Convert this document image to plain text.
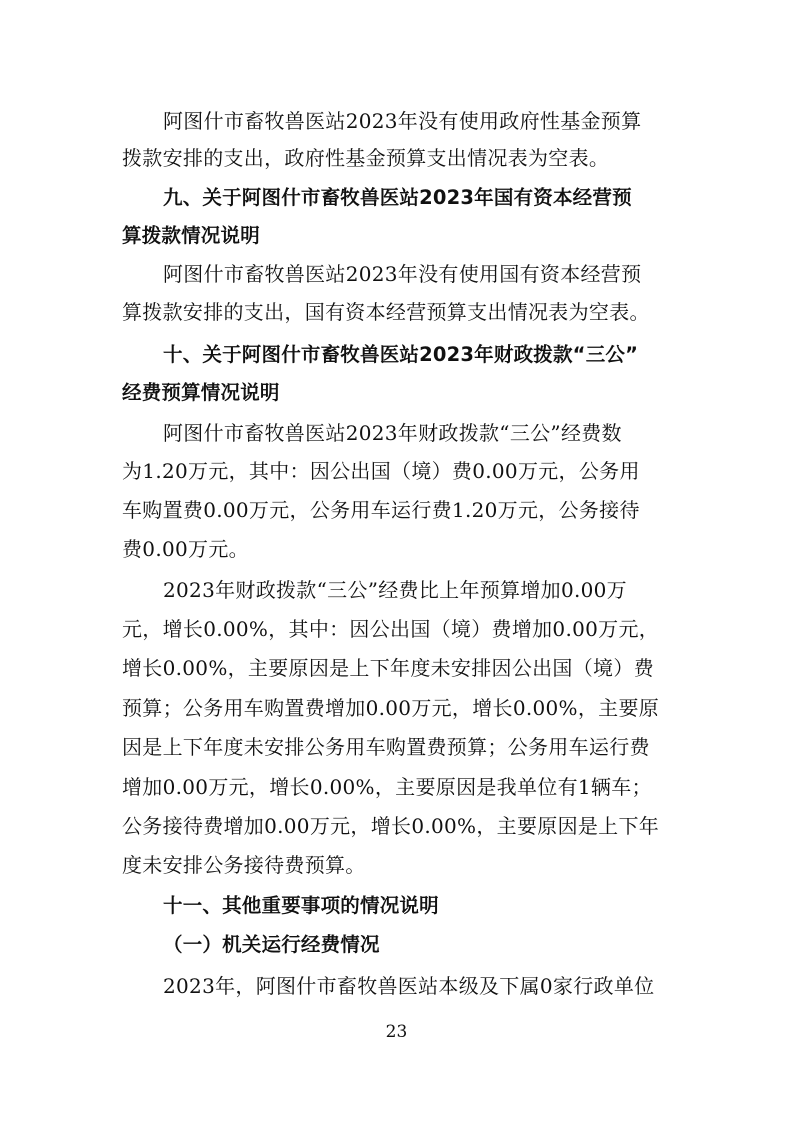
阿图什市畜牧兽医站2023年没有使用政府性基金预算
拨款安排的支出，政府性基金预算支出情况表为空表。
九、关于阿图什市畜牧兽医站2023年国有资本经营预
算拨款情况说明
阿图什市畜牧兽医站2023年没有使用国有资本经营预
算拨款安排的支出，国有资本经营预算支出情况表为空表。
十、关于阿图什市畜牧兽医站2023年财政拨款“三公”
经费预算情况说明
阿图什市畜牧兽医站2023年财政拨款“三公”经费数
为1.20万元，其中：因公出国（境）费0.00万元，公务用
车购置费0.00万元，公务用车运行费1.20万元，公务接待
费0.00万元。
2023年财政拨款“三公”经费比上年预算增加0.00万
元，增长0.00%，其中：因公出国（境）费增加0.00万元，
增长0.00%，主要原因是上下年度未安排因公出国（境）费
预算；公务用车购置费增加0.00万元，增长0.00%，主要原
因是上下年度未安排公务用车购置费预算；公务用车运行费
增加0.00万元，增长0.00%，主要原因是我单位有1辆车；
公务接待费增加0.00万元，增长0.00%，主要原因是上下年
度未安排公务接待费预算。
十一、其他重要事项的情况说明
（一）机关运行经费情况
2023年，阿图什市畜牧兽医站本级及下属0家行政单位
23
